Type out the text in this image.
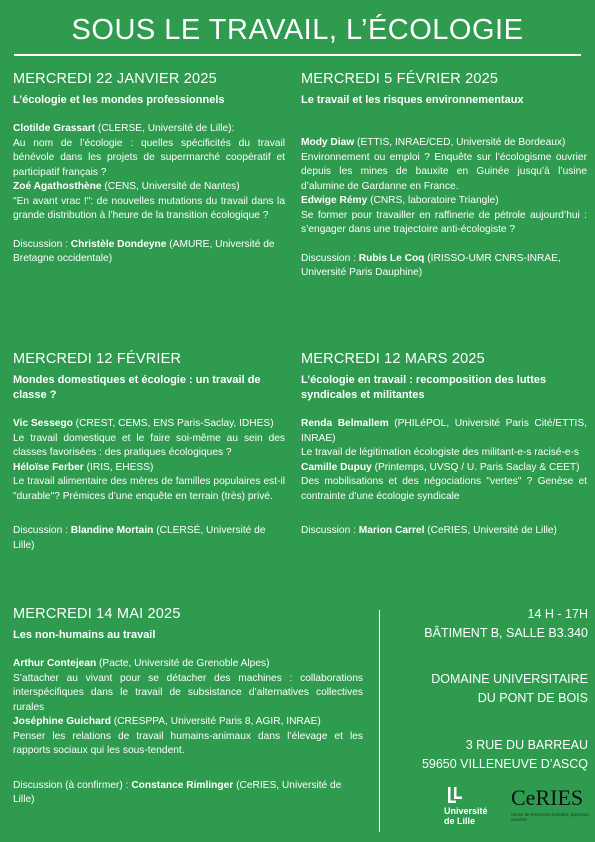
SOUS LE TRAVAIL, L’ÉCOLOGIE
MERCREDI 22 JANVIER 2025
L’écologie et les mondes professionnels
Clotilde Grassart (CLERSE, Université de Lille):
Au nom de l’écologie : quelles spécificités du travail bénévole dans les projets de supermarché coopératif et participatif français ?
Zoé Agathosthène (CENS, Université de Nantes)
"En avant vrac !": de nouvelles mutations du travail dans la grande distribution à l’heure de la transition écologique ?
Discussion : Christèle Dondeyne (AMURE, Université de Bretagne occidentale)
MERCREDI 5 FÉVRIER 2025
Le travail et les risques environnementaux
Mody Diaw (ETTIS, INRAE/CED, Université de Bordeaux)
Environnement ou emploi ? Enquête sur l’écologisme ouvrier depuis les mines de bauxite en Guinée jusqu’à l’usine d’alumine de Gardanne en France.
Edwige Rémy (CNRS, laboratoire Triangle)
Se former pour travailler en raffinerie de pétrole aujourd’hui : s’engager dans une trajectoire anti-écologiste ?
Discussion : Rubis Le Coq (IRISSO-UMR CNRS-INRAE, Université Paris Dauphine)
MERCREDI 12 FÉVRIER
Mondes domestiques et écologie : un travail de classe ?
Vic Sessego (CREST, CEMS, ENS Paris-Saclay, IDHES)
Le travail domestique et le faire soi-même au sein des classes favorisées : des pratiques écologiques ?
Héloïse Ferber (IRIS, EHESS)
Le travail alimentaire des mères de familles populaires est-il "durable"? Prémices d’une enquête en terrain (très) privé.
Discussion : Blandine Mortain (CLERSÉ, Université de Lille)
MERCREDI 12 MARS 2025
L’écologie en travail : recomposition des luttes syndicales et militantes
Renda Belmallem (PHILéPOL, Université Paris Cité/ETTIS, INRAE)
Le travail de légitimation écologiste des militant-e-s racisé-e-s
Camille Dupuy (Printemps, UVSQ / U. Paris Saclay & CEET)
Des mobilisations et des négociations "vertes" ? Genèse et contrainte d’une écologie syndicale
Discussion : Marion Carrel (CeRIES, Université de Lille)
MERCREDI 14 MAI 2025
Les non-humains au travail
Arthur Contejean (Pacte, Université de Grenoble Alpes)
S’attacher au vivant pour se détacher des machines : collaborations interspécifiques dans le travail de subsistance d’alternatives collectives rurales
Joséphine Guichard (CRESPPA, Université Paris 8, AGIR, INRAE)
Penser les relations de travail humains-animaux dans l’élevage et les rapports sociaux qui les sous-tendent.
Discussion (à confirmer) : Constance Rimlinger (CeRIES, Université de Lille)
14 H - 17H
BÂTIMENT B, SALLE B3.340
DOMAINE UNIVERSITAIRE
DU PONT DE BOIS
3 RUE DU BARREAU
59650 VILLENEUVE D’ASCQ
Université
de Lille
CeRIES
Centre de Recherche Individus, Épreuves, Sociétés
